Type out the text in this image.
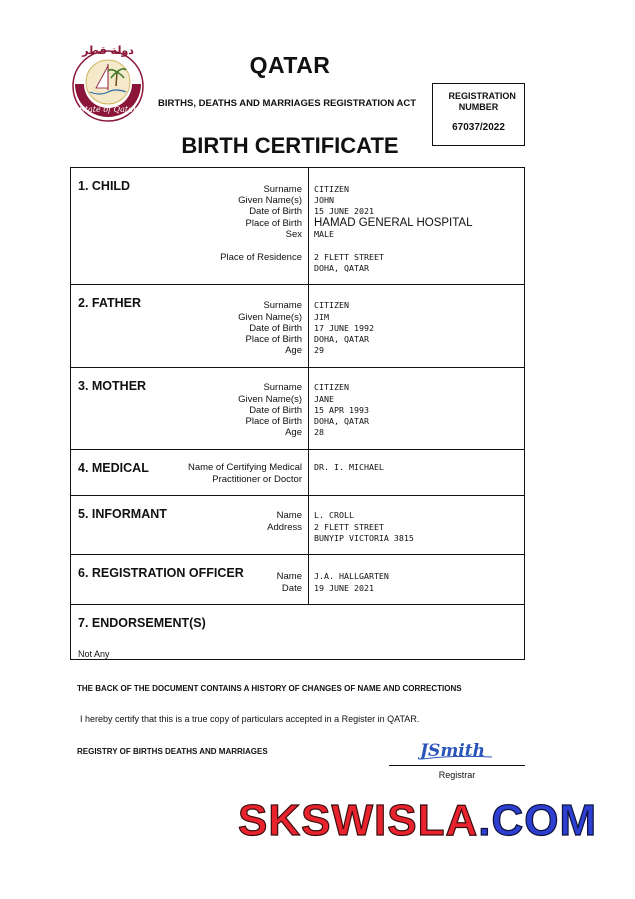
دولة قطر
State of Qatar
QATAR
BIRTHS, DEATHS AND MARRIAGES REGISTRATION ACT
BIRTH CERTIFICATE
REGISTRATION NUMBER
67037/2022
1. CHILD	Surname CITIZEN
Given Name(s) JOHN
Date of Birth 15 JUNE 2021
Place of Birth HAMAD GENERAL HOSPITAL
Sex MALE
Place of Residence 2 FLETT STREET
DOHA, QATAR
2. FATHER	Surname CITIZEN
Given Name(s) JIM
Date of Birth 17 JUNE 1992
Place of Birth DOHA, QATAR
Age 29
3. MOTHER	Surname CITIZEN
Given Name(s) JANE
Date of Birth 15 APR 1993
Place of Birth DOHA, QATAR
Age 28
4. MEDICAL	Name of Certifying Medical
Practitioner or Doctor
DR. I. MICHAEL
5. INFORMANT	Name L. CROLL
Address 2 FLETT STREET
BUNYIP VICTORIA 3815
6. REGISTRATION OFFICER	Name J.A. HALLGARTEN
Date 19 JUNE 2021
7. ENDORSEMENT(S)
Not Any
THE BACK OF THE DOCUMENT CONTAINS A HISTORY OF CHANGES OF NAME AND CORRECTIONS
I hereby certify that this is a true copy of particulars accepted in a Register in QATAR.
REGISTRY OF BIRTHS DEATHS AND MARRIAGES	JSmith
Registrar
SKSWISLA.COM
